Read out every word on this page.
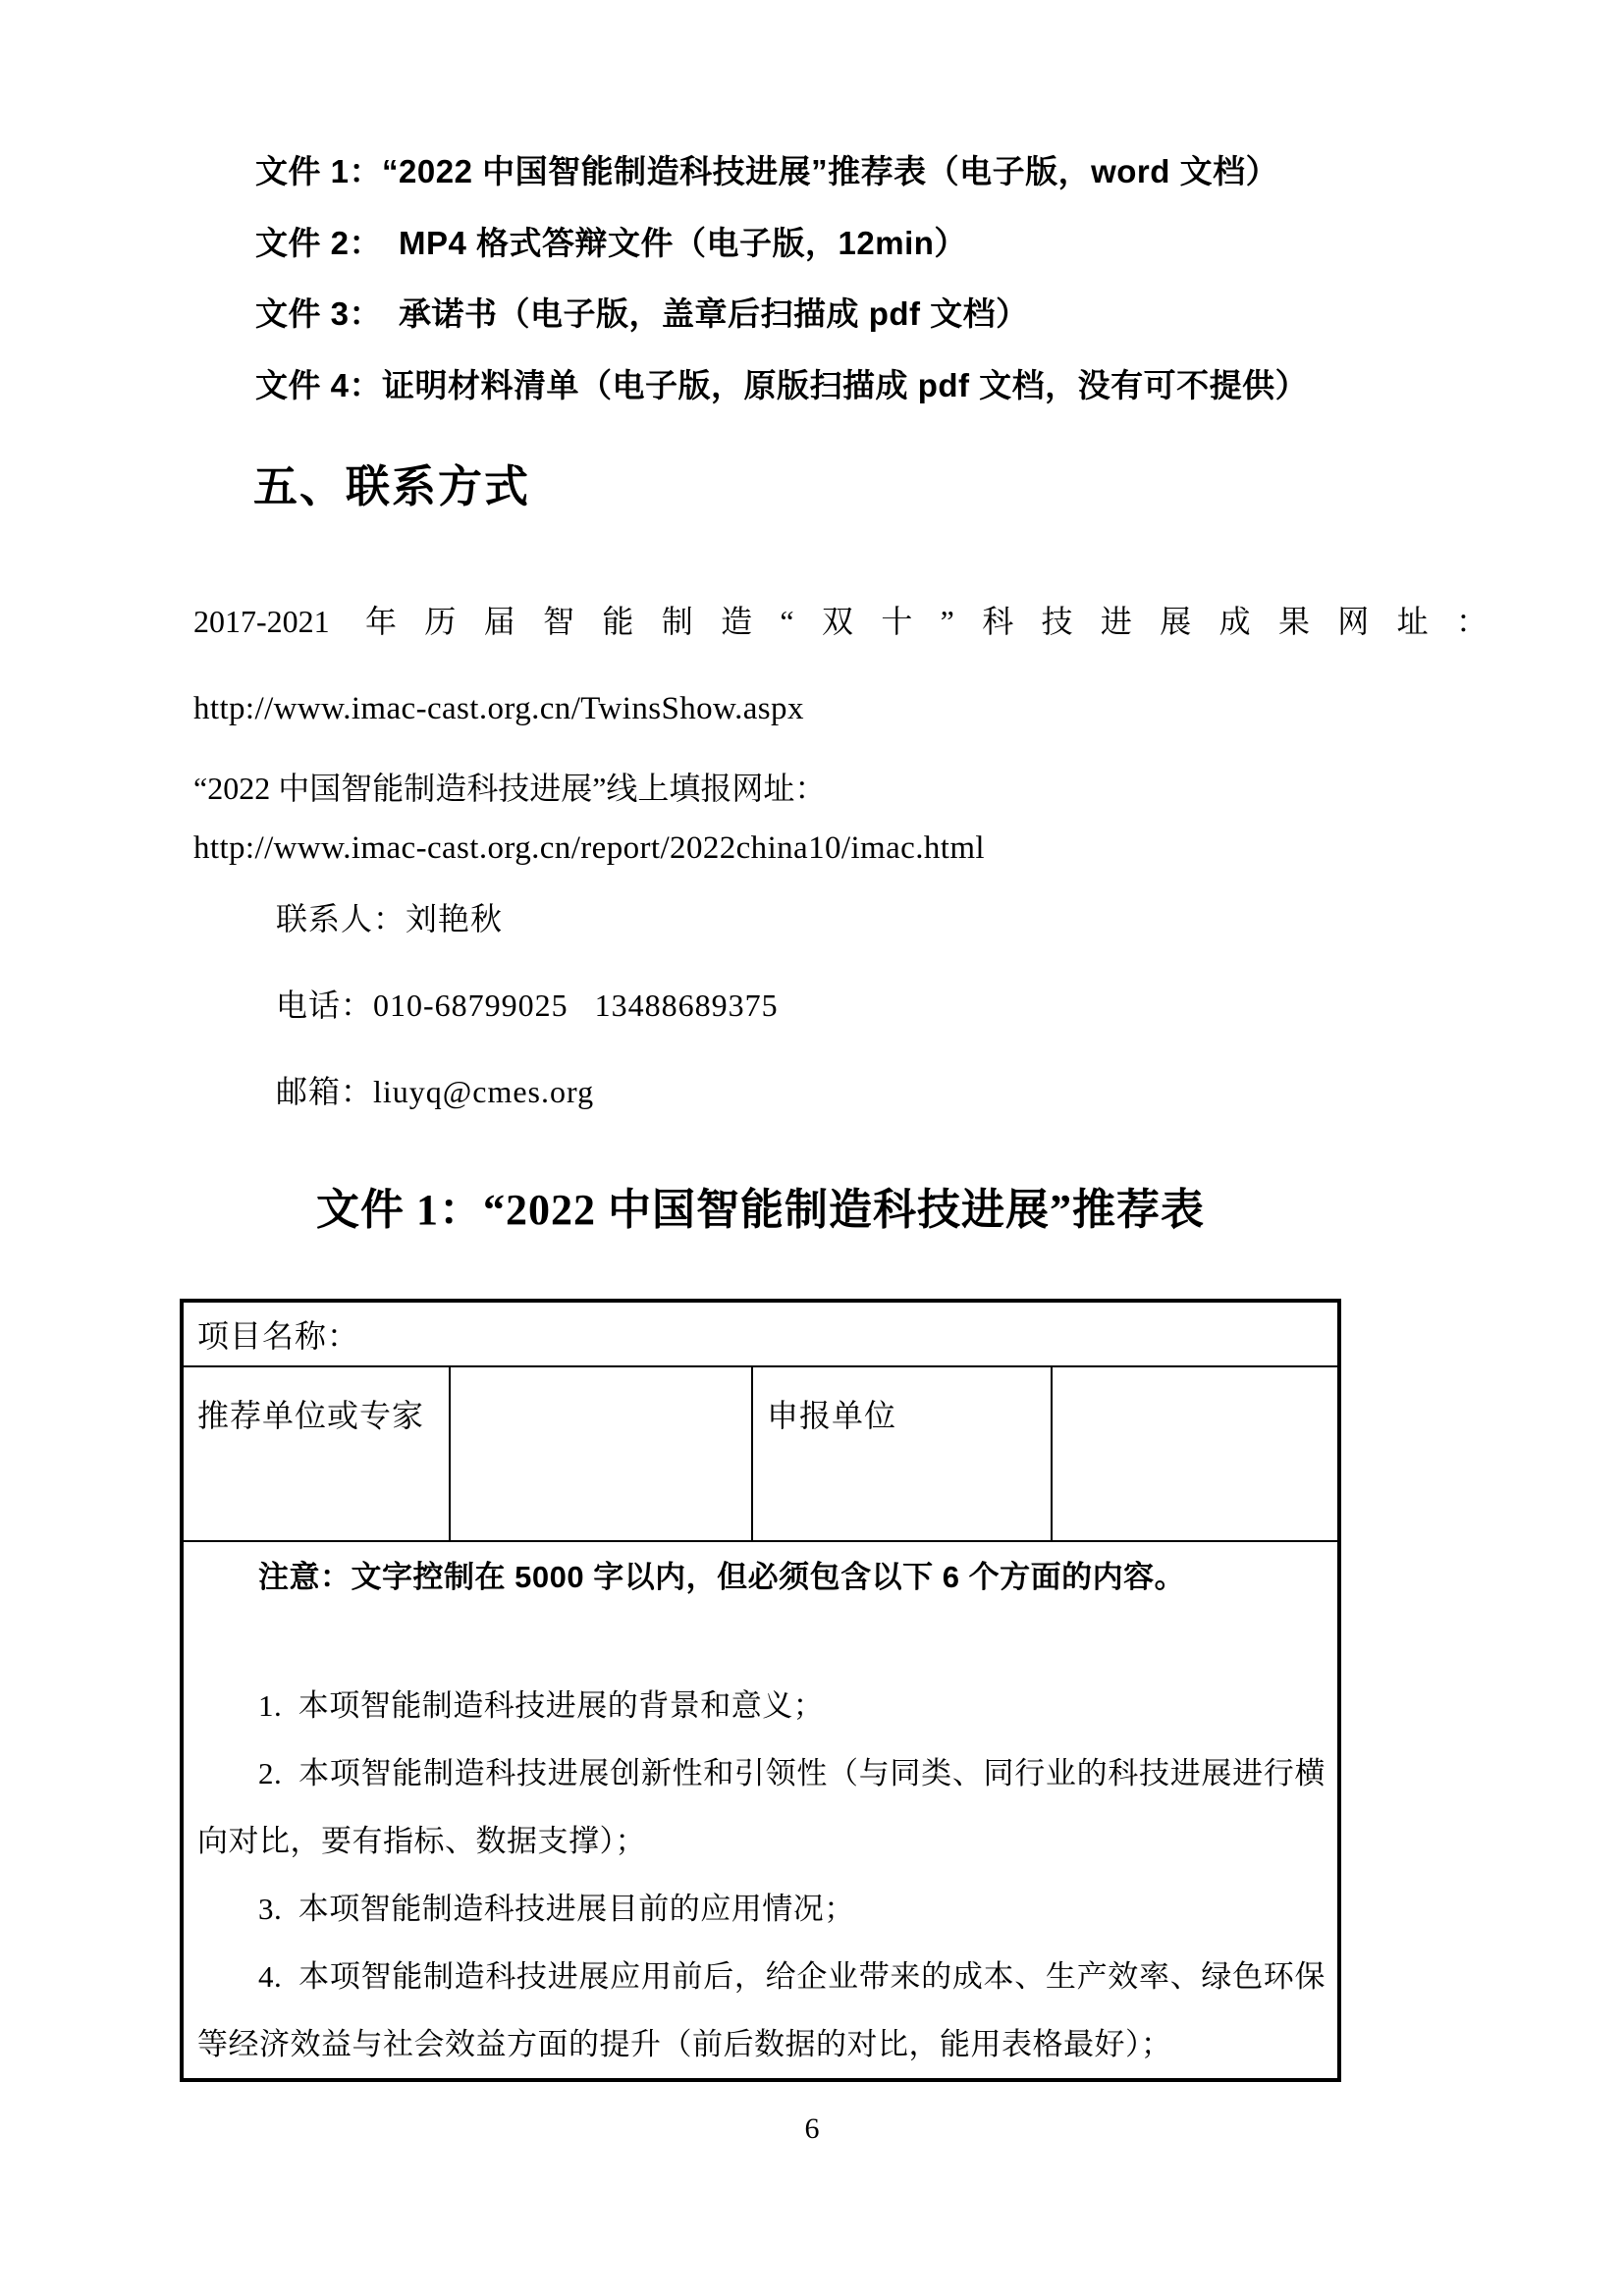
文件 1：“2022 中国智能制造科技进展”推荐表（电子版，word 文档）
文件 2：　MP4 格式答辩文件（电子版，12min）
文件 3：　承诺书（电子版，盖章后扫描成 pdf 文档）
文件 4：证明材料清单（电子版，原版扫描成 pdf 文档，没有可不提供）
五、联系方式
2017-2021 年历届智能制造“双十”科技进展成果网址：
http://www.imac-cast.org.cn/TwinsShow.aspx
“2022 中国智能制造科技进展”线上填报网址：
http://www.imac-cast.org.cn/report/2022china10/imac.html
联系人：刘艳秋
电话：010-68799025   13488689375
邮箱：liuyq@cmes.org
文件 1：“2022 中国智能制造科技进展”推荐表
项目名称：
推荐单位或专家	申报单位

注意：文字控制在 5000 字以内，但必须包含以下 6 个方面的内容。

1.  本项智能制造科技进展的背景和意义；

2.  本项智能制造科技进展创新性和引领性（与同类、同行业的科技进展进行横向对比，要有指标、数据支撑）；

3.  本项智能制造科技进展目前的应用情况；

4.  本项智能制造科技进展应用前后，给企业带来的成本、生产效率、绿色环保等经济效益与社会效益方面的提升（前后数据的对比，能用表格最好）；

6
